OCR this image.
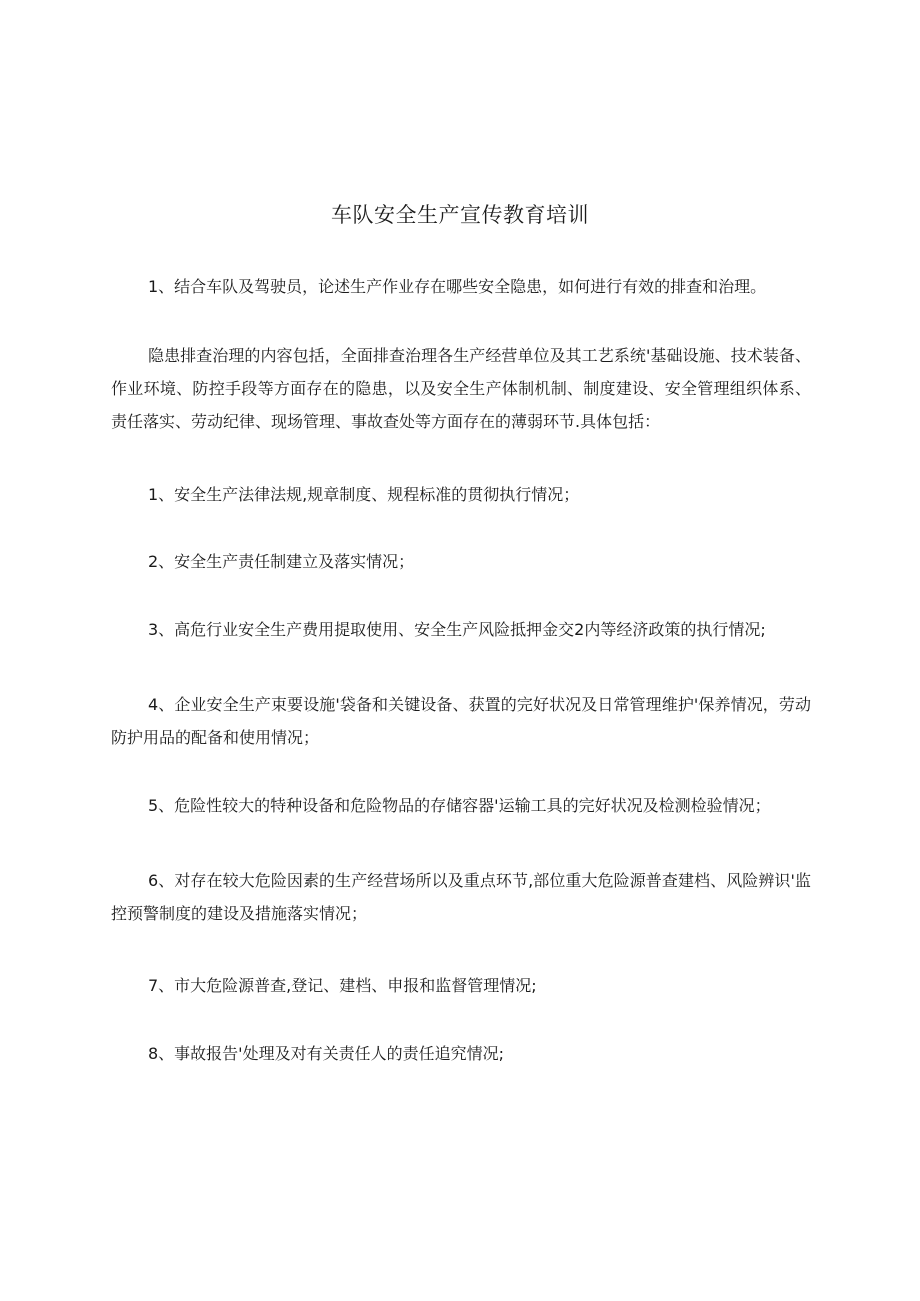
车队安全生产宣传教育培训

1、结合车队及驾驶员，论述生产作业存在哪些安全隐患，如何进行有效的排查和治理。

隐患排查治理的内容包括，全面排查治理各生产经营单位及其工艺系统'基础设施、技术装备、作业环境、防控手段等方面存在的隐患，以及安全生产体制机制、制度建设、安全管理组织体系、责任落实、劳动纪律、现场管理、事故查处等方面存在的薄弱环节.具体包括：

1、安全生产法律法规,规章制度、规程标准的贯彻执行情况；

2、安全生产责任制建立及落实情况；

3、高危行业安全生产费用提取使用、安全生产风险抵押金交2内等经济政策的执行情况;

4、企业安全生产束要设施'袋备和关键设备、获置的完好状况及日常管理维护'保养情况，劳动防护用品的配备和使用情况；

5、危险性较大的特种设备和危险物品的存储容器'运输工具的完好状况及检测检验情况；

6、对存在较大危险因素的生产经营场所以及重点环节,部位重大危险源普查建档、风险辨识'监控预警制度的建设及措施落实情况；

7、市大危险源普查,登记、建档、申报和监督管理情况;

8、事故报告'处理及对有关责任人的责任追究情况;
